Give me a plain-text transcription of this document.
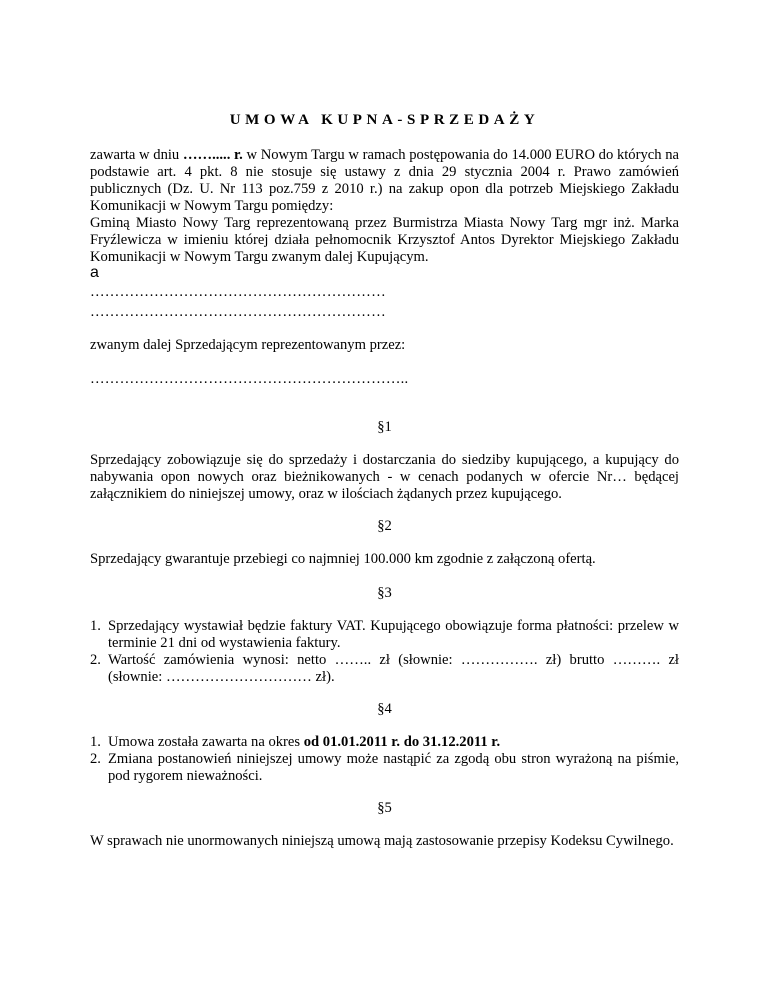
UMOWA KUPNA-SPRZEDAŻY

zawarta w dniu ……..... r. w Nowym Targu w ramach postępowania do 14.000 EURO do których na podstawie art. 4 pkt. 8 nie stosuje się ustawy z dnia 29 stycznia 2004 r. Prawo zamówień publicznych (Dz. U. Nr 113 poz.759 z 2010 r.) na zakup opon dla potrzeb Miejskiego Zakładu Komunikacji w Nowym Targu pomiędzy:

Gminą Miasto Nowy Targ reprezentowaną przez Burmistrza Miasta Nowy Targ mgr inż. Marka Fryźlewicza w imieniu której działa pełnomocnik Krzysztof Antos Dyrektor Miejskiego Zakładu Komunikacji w Nowym Targu zwanym dalej Kupującym.

a
……………………………………………………
……………………………………………………
zwanym dalej Sprzedającym reprezentowanym przez:
………………………………………………………..
§1
Sprzedający zobowiązuje się do sprzedaży i dostarczania do siedziby kupującego, a kupujący do nabywania opon nowych oraz bieżnikowanych - w cenach podanych w ofercie Nr… będącej załącznikiem do niniejszej umowy, oraz w ilościach żądanych przez kupującego.
§2
Sprzedający gwarantuje przebiegi co najmniej 100.000 km zgodnie z załączoną ofertą.
§3
1. Sprzedający wystawiał będzie faktury VAT. Kupującego obowiązuje forma płatności: przelew w terminie 21 dni od wystawienia faktury.
2. Wartość zamówienia wynosi: netto …….. zł (słownie: ……………. zł) brutto ………. zł (słownie: ………………………… zł).
§4
1. Umowa została zawarta na okres od 01.01.2011 r. do 31.12.2011 r.
2. Zmiana postanowień niniejszej umowy może nastąpić za zgodą obu stron wyrażoną na piśmie, pod rygorem nieważności.
§5
W sprawach nie unormowanych niniejszą umową mają zastosowanie przepisy Kodeksu Cywilnego.
